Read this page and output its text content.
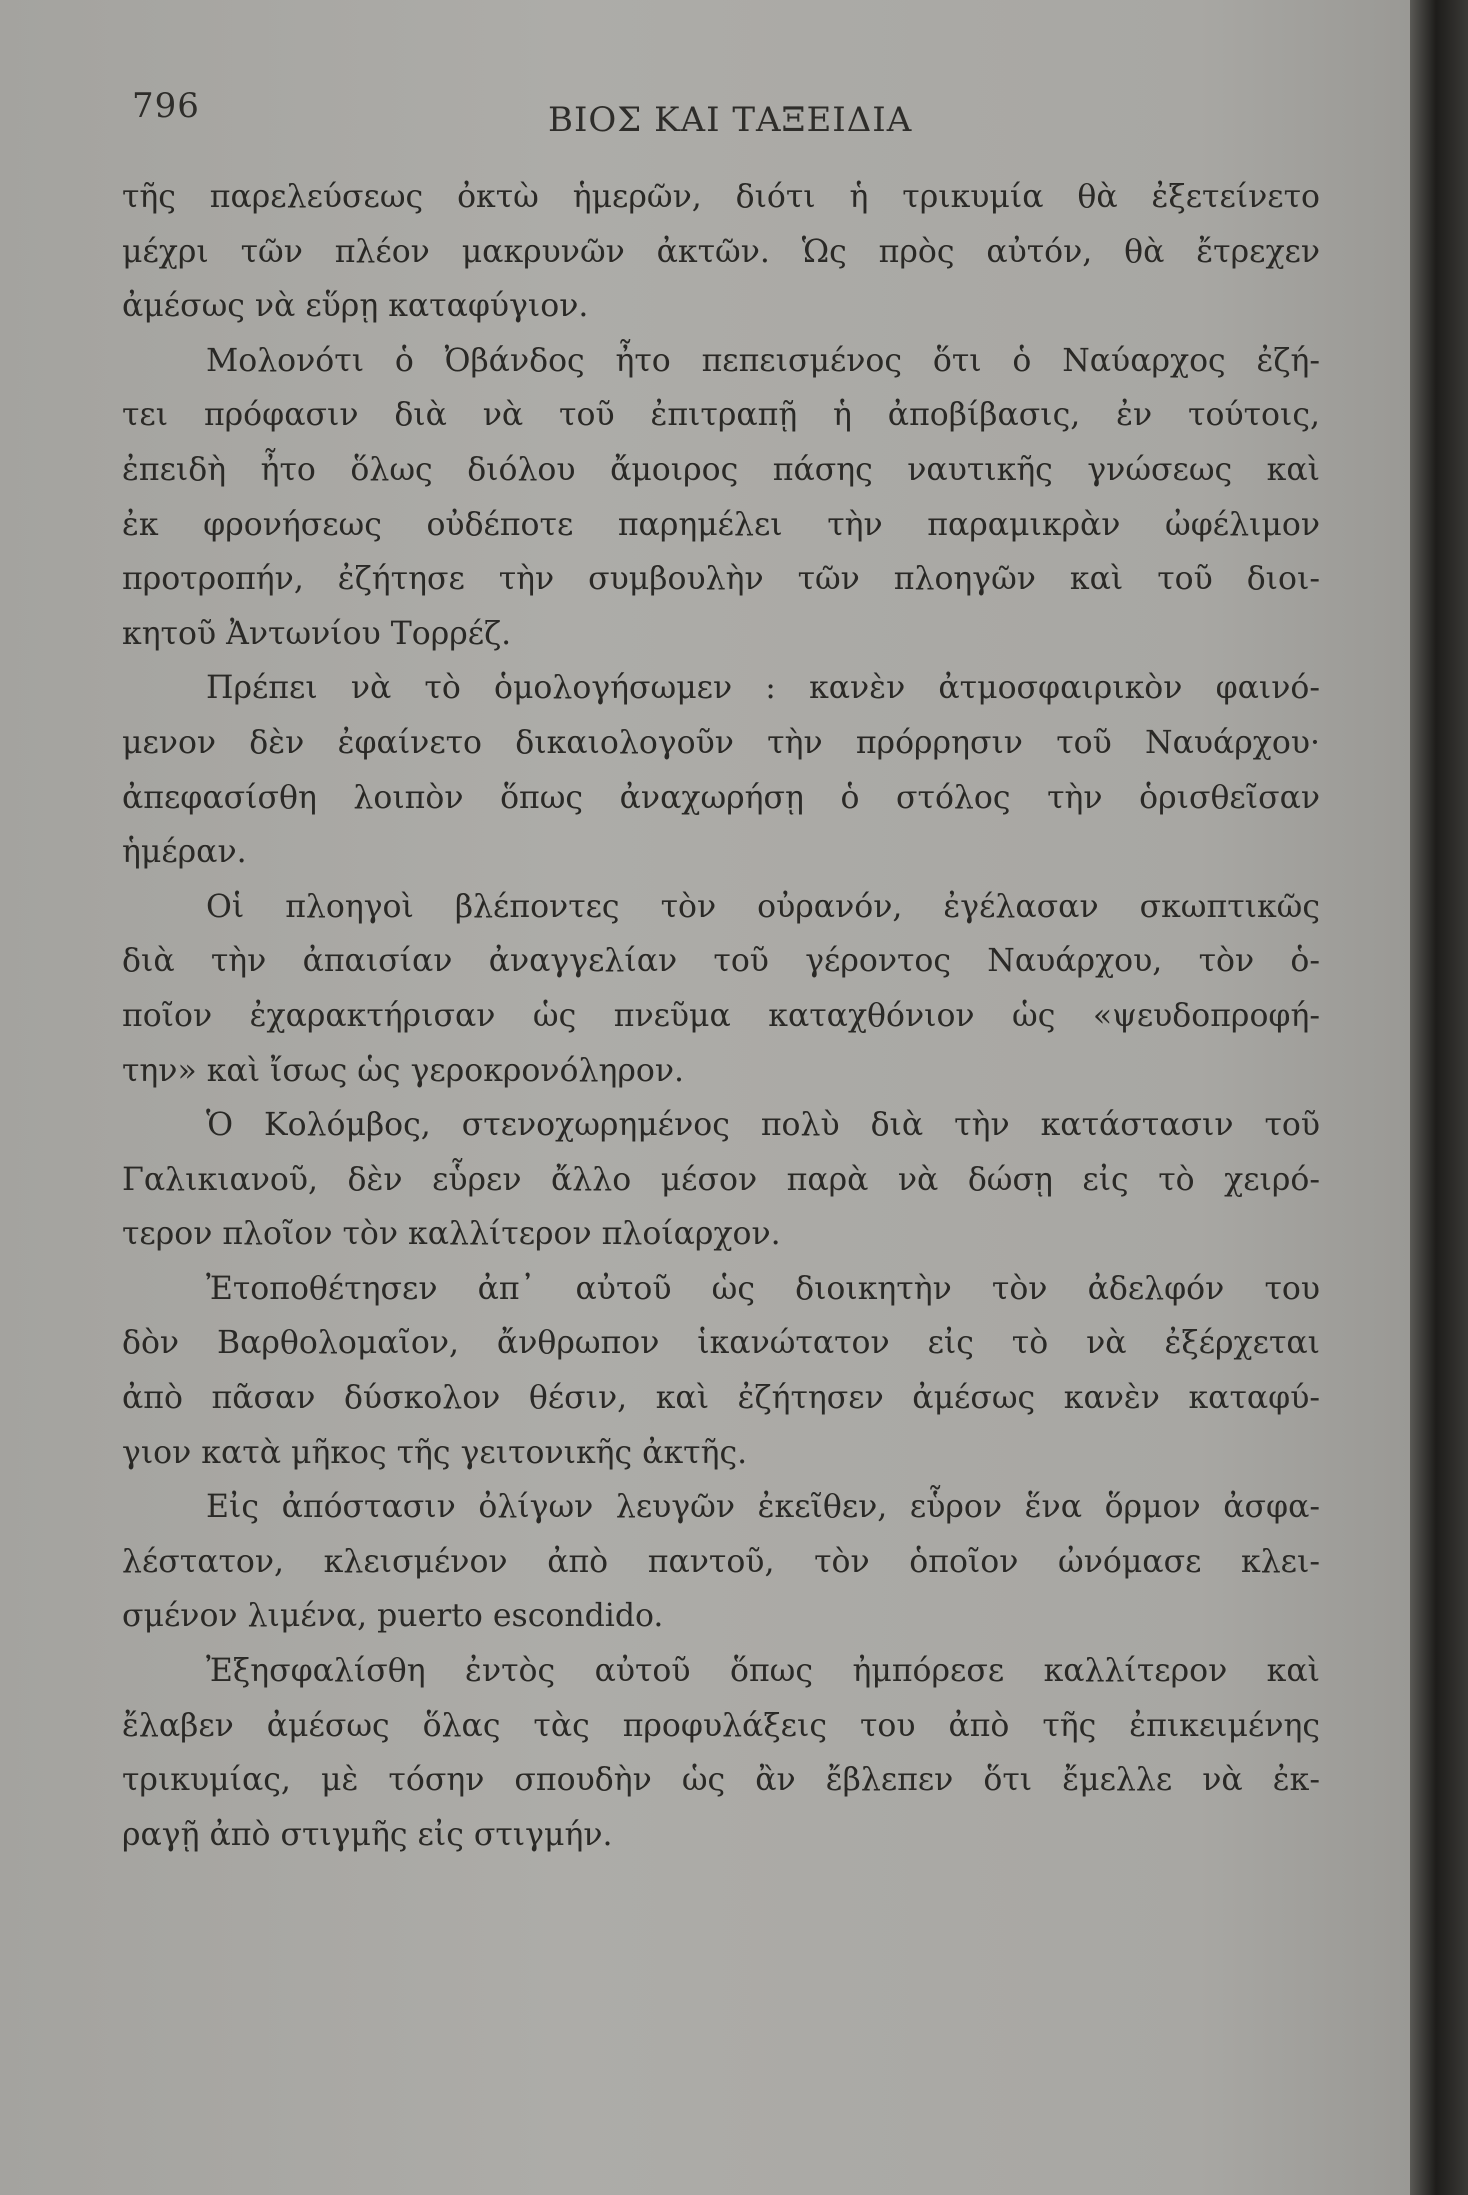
796	ΒΙΟΣ ΚΑΙ ΤΑΞΕΙΔΙΑ
τῆς παρελεύσεως ὀκτὼ ἡμερῶν, διότι ἡ τρικυμία θὰ ἐξετείνετο
μέχρι τῶν πλέον μακρυνῶν ἀκτῶν. Ὡς πρὸς αὐτόν, θὰ ἔτρεχεν
ἀμέσως νὰ εὕρῃ καταφύγιον.
Μολονότι ὁ Ὀβάνδος ἦτο πεπεισμένος ὅτι ὁ Ναύαρχος ἐζή-
τει πρόφασιν διὰ νὰ τοῦ ἐπιτραπῇ ἡ ἀποβίβασις, ἐν τούτοις,
ἐπειδὴ ἦτο ὅλως διόλου ἄμοιρος πάσης ναυτικῆς γνώσεως καὶ
ἐκ φρονήσεως οὐδέποτε παρημέλει τὴν παραμικρὰν ὠφέλιμον
προτροπήν, ἐζήτησε τὴν συμβουλὴν τῶν πλοηγῶν καὶ τοῦ διοι-
κητοῦ Ἀντωνίου Τορρέζ.
Πρέπει νὰ τὸ ὁμολογήσωμεν : κανὲν ἀτμοσφαιρικὸν φαινό-
μενον δὲν ἐφαίνετο δικαιολογοῦν τὴν πρόρρησιν τοῦ Ναυάρχου·
ἀπεφασίσθη λοιπὸν ὅπως ἀναχωρήσῃ ὁ στόλος τὴν ὁρισθεῖσαν
ἡμέραν.
Οἱ πλοηγοὶ βλέποντες τὸν οὐρανόν, ἐγέλασαν σκωπτικῶς
διὰ τὴν ἀπαισίαν ἀναγγελίαν τοῦ γέροντος Ναυάρχου, τὸν ὁ-
ποῖον ἐχαρακτήρισαν ὡς πνεῦμα καταχθόνιον ὡς «ψευδοπροφή-
την» καὶ ἴσως ὡς γεροκρονόληρον.
Ὁ Κολόμβος, στενοχωρημένος πολὺ διὰ τὴν κατάστασιν τοῦ
Γαλικιανοῦ, δὲν εὗρεν ἄλλο μέσον παρὰ νὰ δώσῃ εἰς τὸ χειρό-
τερον πλοῖον τὸν καλλίτερον πλοίαρχον.
Ἐτοποθέτησεν ἀπ᾽ αὐτοῦ ὡς διοικητὴν τὸν ἀδελφόν του
δὸν Βαρθολομαῖον, ἄνθρωπον ἱκανώτατον εἰς τὸ νὰ ἐξέρχεται
ἀπὸ πᾶσαν δύσκολον θέσιν, καὶ ἐζήτησεν ἀμέσως κανὲν καταφύ-
γιον κατὰ μῆκος τῆς γειτονικῆς ἀκτῆς.
Εἰς ἀπόστασιν ὀλίγων λευγῶν ἐκεῖθεν, εὗρον ἕνα ὅρμον ἀσφα-
λέστατον, κλεισμένον ἀπὸ παντοῦ, τὸν ὁποῖον ὠνόμασε κλει-
σμένον λιμένα, puerto escondido.
Ἐξησφαλίσθη ἐντὸς αὐτοῦ ὅπως ἠμπόρεσε καλλίτερον καὶ
ἔλαβεν ἀμέσως ὅλας τὰς προφυλάξεις του ἀπὸ τῆς ἐπικειμένης
τρικυμίας, μὲ τόσην σπουδὴν ὡς ἂν ἔβλεπεν ὅτι ἔμελλε νὰ ἐκ-
ραγῇ ἀπὸ στιγμῆς εἰς στιγμήν.
